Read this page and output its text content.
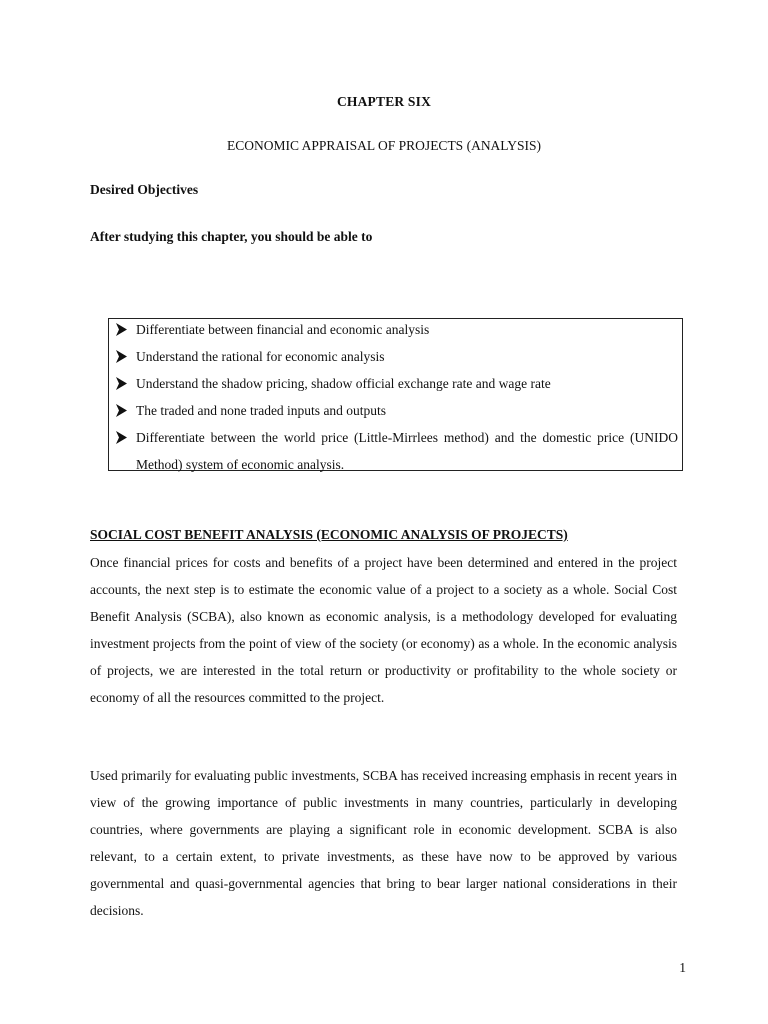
CHAPTER SIX
ECONOMIC APPRAISAL OF PROJECTS (ANALYSIS)
Desired Objectives
After studying this chapter, you should be able to
Differentiate between financial and economic analysis
Understand the rational for economic analysis
Understand the shadow pricing, shadow official exchange rate and wage rate
The traded and none traded inputs and outputs
Differentiate between the world price (Little-Mirrlees method) and the domestic price (UNIDO Method) system of economic analysis.
SOCIAL COST BENEFIT ANALYSIS (ECONOMIC ANALYSIS OF PROJECTS)

Once financial prices for costs and benefits of a project have been determined and entered in the project accounts, the next step is to estimate the economic value of a project to a society as a whole. Social Cost Benefit Analysis (SCBA), also known as economic analysis, is a methodology developed for evaluating investment projects from the point of view of the society (or economy) as a whole. In the economic analysis of projects, we are interested in the total return or productivity or profitability to the whole society or economy of all the resources committed to the project.

Used primarily for evaluating public investments, SCBA has received increasing emphasis in recent years in view of the growing importance of public investments in many countries, particularly in developing countries, where governments are playing a significant role in economic development. SCBA is also relevant, to a certain extent, to private investments, as these have now to be approved by various governmental and quasi-governmental agencies that bring to bear larger national considerations in their decisions.

1
